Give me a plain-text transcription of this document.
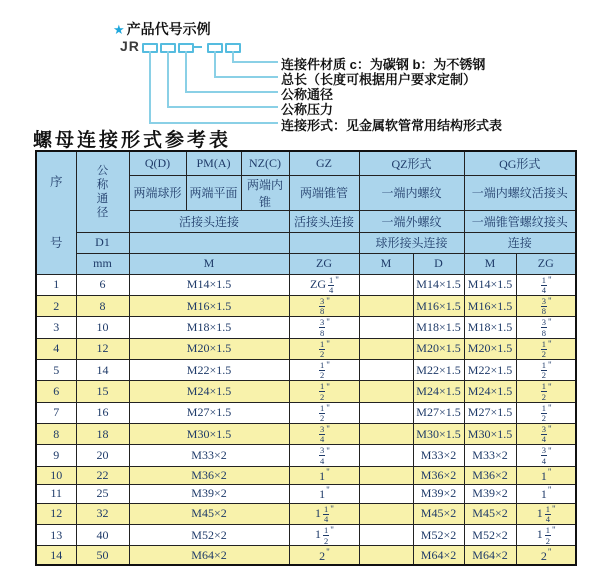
★ 产品代号示例
JR
连接件材质 c：为碳钢 b：为不锈钢
总长（长度可根据用户要求定制）
公称通径
公称压力
连接形式：见金属软管常用结构形式表
螺母连接形式参考表
序
号

公
称
通
径
	Q(D)	PM(A)	NZ(C)	GZ	QZ形式	QG形式
		两端球形	两端平面	两端内锥	两端锥管	一端内螺纹		一端内螺纹活接头	
		活接头连接			活接头连接	一端外螺纹		一端锥管螺纹接头	
	D1					球形接头连接		连接	
	mm	M			ZG	M	D	M	ZG
1	6	M14×1.5			ZG $\frac{1}{4} ^"$		M14×1.5	M14×1.5	$\frac{1}{4} ^"$
2	8	M16×1.5			$\frac{3}{8} ^"$		M16×1.5	M16×1.5	$\frac{3}{8} ^"$
3	10	M18×1.5			$\frac{3}{8} ^"$		M18×1.5	M18×1.5	$\frac{3}{8} ^"$
4	12	M20×1.5			$\frac{1}{2} ^"$		M20×1.5	M20×1.5	$\frac{1}{2} ^"$
5	14	M22×1.5			$\frac{1}{2} ^"$		M22×1.5	M22×1.5	$\frac{1}{2} ^"$
6	15	M24×1.5			$\frac{1}{2} ^"$		M24×1.5	M24×1.5	$\frac{1}{2} ^"$
7	16	M27×1.5			$\frac{1}{2} ^"$		M27×1.5	M27×1.5	$\frac{1}{2} ^"$
8	18	M30×1.5			$\frac{3}{4} ^"$		M30×1.5	M30×1.5	$\frac{3}{4} ^"$
9	20	M33×2			$\frac{3}{4} ^"$		M33×2	M33×2	$\frac{3}{4} ^"$
10	22	M36×2			1"		M36×2	M36×2	1"
11	25	M39×2			1"		M39×2	M39×2	1"
12	32	M45×2			$1 \frac{1}{4} ^"$		M45×2	M45×2	$1 \frac{1}{4} ^"$
13	40	M52×2			$1 \frac{1}{2} ^"$		M52×2	M52×2	$1 \frac{1}{2} ^"$
14	50	M64×2			2"		M64×2	M64×2	2"
